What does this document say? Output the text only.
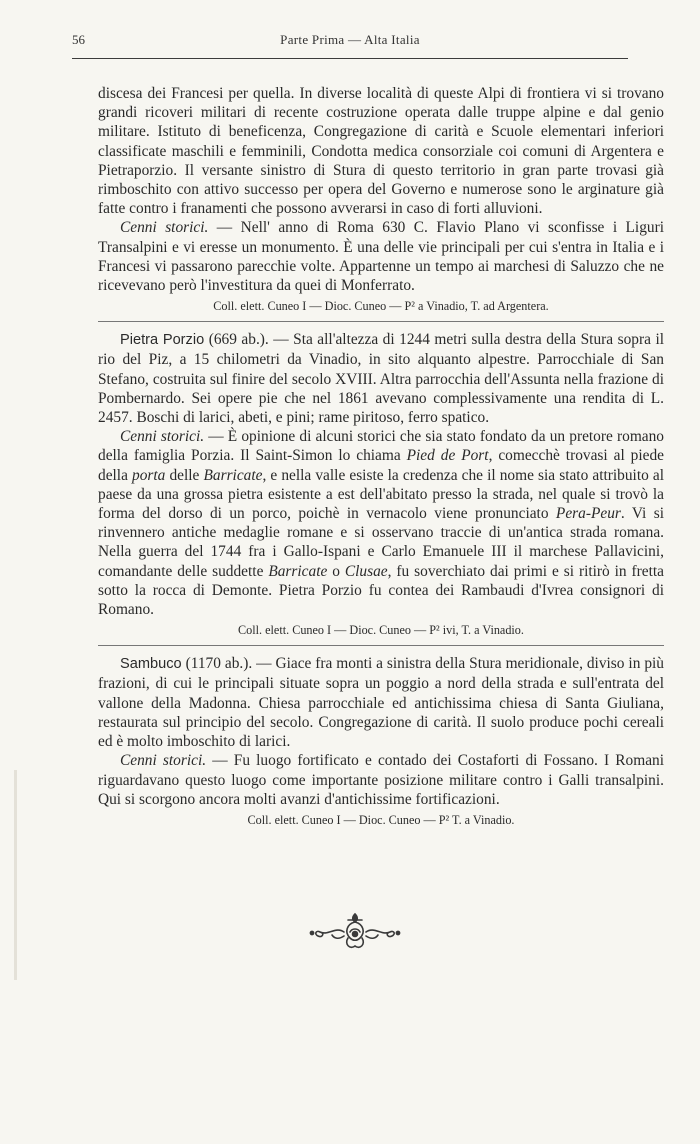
56	Parte Prima — Alta Italia

discesa dei Francesi per quella. In diverse località di queste Alpi di frontiera vi si trovano grandi ricoveri militari di recente costruzione operata dalle truppe alpine e dal genio militare. Istituto di beneficenza, Congregazione di carità e Scuole elementari inferiori classificate maschili e femminili, Condotta medica consorziale coi comuni di Argentera e Pietraporzio. Il versante sinistro di Stura di questo territorio in gran parte trovasi già rimboschito con attivo successo per opera del Governo e numerose sono le arginature già fatte contro i franamenti che possono avverarsi in caso di forti alluvioni.

Cenni storici. — Nell' anno di Roma 630 C. Flavio Plano vi sconfisse i Liguri Transalpini e vi eresse un monumento. È una delle vie principali per cui s'entra in Italia e i Francesi vi passarono parecchie volte. Appartenne un tempo ai marchesi di Saluzzo che ne ricevevano però l'investitura da quei di Monferrato.

Coll. elett. Cuneo I — Dioc. Cuneo — P² a Vinadio, T. ad Argentera.

Pietra Porzio (669 ab.). — Sta all'altezza di 1244 metri sulla destra della Stura sopra il rio del Piz, a 15 chilometri da Vinadio, in sito alquanto alpestre. Parrocchiale di San Stefano, costruita sul finire del secolo XVIII. Altra parrocchia dell'Assunta nella frazione di Pombernardo. Sei opere pie che nel 1861 avevano complessivamente una rendita di L. 2457. Boschi di larici, abeti, e pini; rame piritoso, ferro spatico.

Cenni storici. — È opinione di alcuni storici che sia stato fondato da un pretore romano della famiglia Porzia. Il Saint-Simon lo chiama Pied de Port, comecchè trovasi al piede della porta delle Barricate, e nella valle esiste la credenza che il nome sia stato attribuito al paese da una grossa pietra esistente a est dell'abitato presso la strada, nel quale si trovò la forma del dorso di un porco, poichè in vernacolo viene pronunciato Pera-Peur. Vi si rinvennero antiche medaglie romane e si osservano traccie di un'antica strada romana. Nella guerra del 1744 fra i Gallo-Ispani e Carlo Emanuele III il marchese Pallavicini, comandante delle suddette Barricate o Clusae, fu soverchiato dai primi e si ritirò in fretta sotto la rocca di Demonte. Pietra Porzio fu contea dei Rambaudi d'Ivrea consignori di Romano.

Coll. elett. Cuneo I — Dioc. Cuneo — P² ivi, T. a Vinadio.

Sambuco (1170 ab.). — Giace fra monti a sinistra della Stura meridionale, diviso in più frazioni, di cui le principali situate sopra un poggio a nord della strada e sull'entrata del vallone della Madonna. Chiesa parrocchiale ed antichissima chiesa di Santa Giuliana, restaurata sul principio del secolo. Congregazione di carità. Il suolo produce pochi cereali ed è molto imboschito di larici.

Cenni storici. — Fu luogo fortificato e contado dei Costaforti di Fossano. I Romani riguardavano questo luogo come importante posizione militare contro i Galli transalpini. Qui si scorgono ancora molti avanzi d'antichissime fortificazioni.

Coll. elett. Cuneo I — Dioc. Cuneo — P² T. a Vinadio.
